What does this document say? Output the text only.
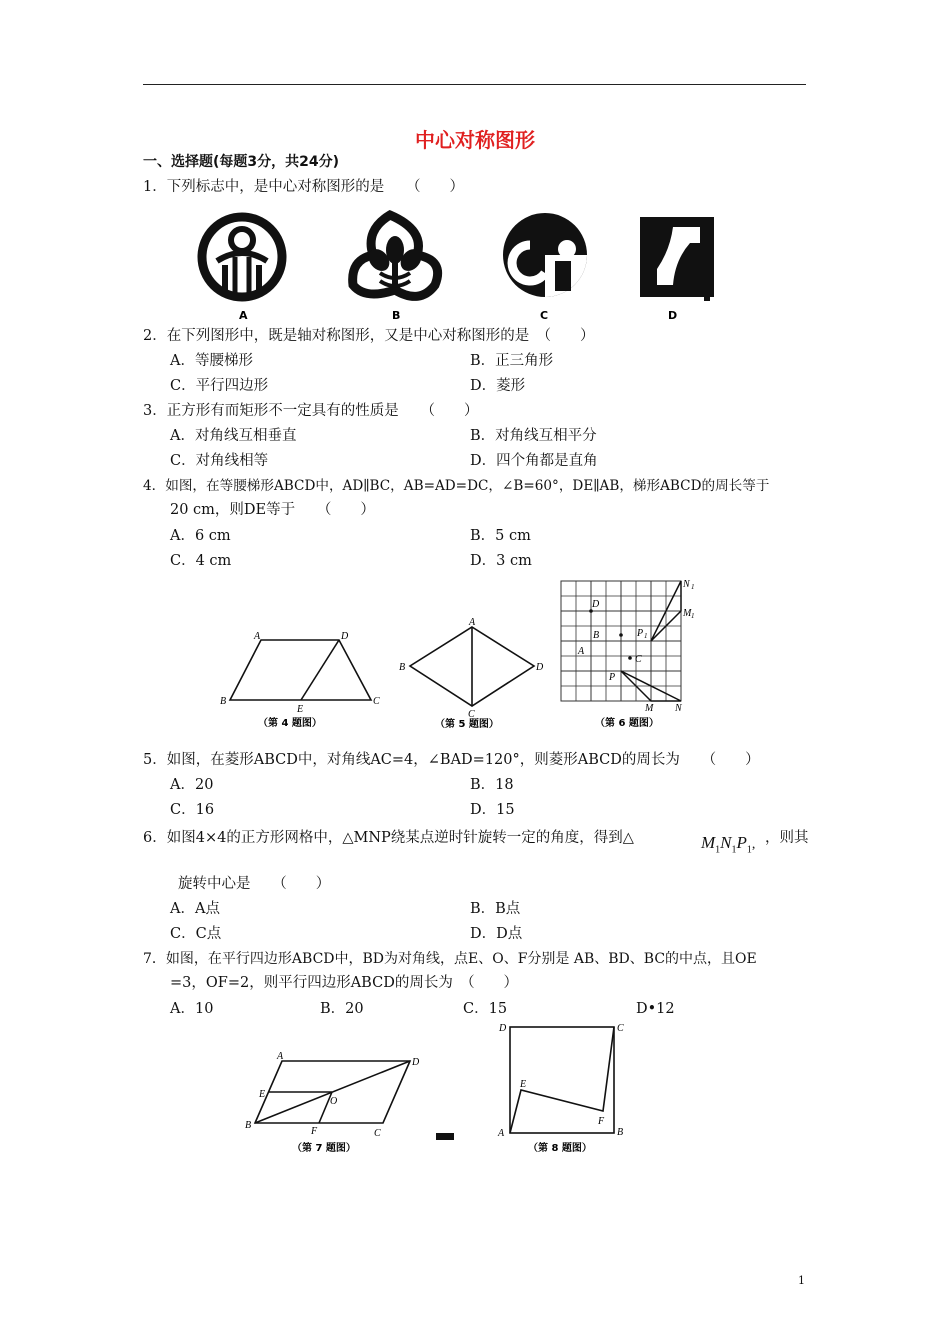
中心对称图形
一、选择题(每题3分，共24分)
1．下列标志中，是中心对称图形的是　　（　　）
A	B	C	D
2．在下列图形中，既是轴对称图形，又是中心对称图形的是　（　　）
A．等腰梯形	B．正三角形
C．平行四边形	D．菱形
3．正方形有而矩形不一定具有的性质是　　（　　）
A．对角线互相垂直	B．对角线互相平分
C．对角线相等	D．四个角都是直角
4．如图，在等腰梯形ABCD中，AD∥BC，AB=AD=DC，∠B=60°，DE∥AB，梯形ABCD的周长等于
20 cm，则DE等于　　（　　）
A．6 cm	B．5 cm
C．4 cm	D．3 cm
A	D
B	C
E
（第 4 题图）
A
B	D
C
（第 5 题图）
D
B
A
C
P 1
N 1
M 1
P
M N
（第 6 题图）
5．如图，在菱形ABCD中，对角线AC=4，∠BAD=120°，则菱形ABCD的周长为　　（　　）
A．20	B．18
C．16	D．15
6．如图4×4的正方形网格中，△MNP绕某点逆时针旋转一定的角度，得到△	$M_1N_1P_1$, ，则其
旋转中心是　　（　　）
A．A点	B．B点
C．C点	D．D点
7．如图，在平行四边形ABCD中，BD为对角线，点E、O、F分别是 AB、BD、BC的中点，且OE
=3，OF=2，则平行四边形ABCD的周长为　（　　）
A．10	B．20	C．15	D•12
A
D
E
O
B
F	C
（第 7 题图）
D	C
E
F
A	B
（第 8 题图）
1
